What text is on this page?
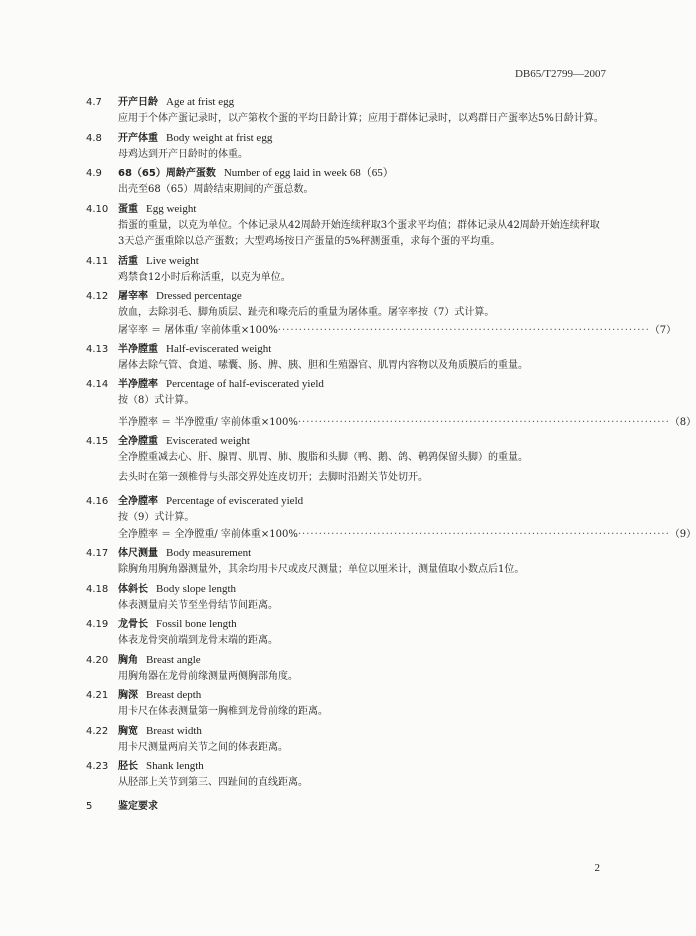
DB65/T2799—2007
4.7	开产日龄 Age at frist egg
应用于个体产蛋记录时，以产第枚个蛋的平均日龄计算；应用于群体记录时，以鸡群日产蛋率达5%日龄计算。
4.8	开产体重 Body weight at frist egg
母鸡达到开产日龄时的体重。
4.9	68（65）周龄产蛋数 Number of egg laid in week 68（65）
出壳至68（65）周龄结束期间的产蛋总数。
4.10 蛋重 Egg weight
指蛋的重量，以克为单位。个体记录从42周龄开始连续秤取3个蛋求平均值；群体记录从42周龄开始连续秤取3天总产蛋重除以总产蛋数；大型鸡场按日产蛋量的5%秤测蛋重，求每个蛋的平均重。
4.11 活重 Live weight
鸡禁食12小时后称活重，以克为单位。
4.12 屠宰率 Dressed percentage
放血，去除羽毛、脚角质层、趾壳和喙壳后的重量为屠体重。屠宰率按（7）式计算。
屠宰率 ＝ 屠体重/ 宰前体重×100% ························································································· （7）
4.13 半净膛重 Half-eviscerated weight
屠体去除气管、食道、嗉囊、肠、脾、胰、胆和生殖器官、肌胃内容物以及角质膜后的重量。
4.14 半净膛率 Percentage of half-eviscerated yield
按（8）式计算。
半净膛率 ＝ 半净膛重/ 宰前体重×100% ························································································· （8）
4.15 全净膛重 Eviscerated weight
全净膛重减去心、肝、腺胃、肌胃、肺、腹脂和头脚（鸭、鹅、鸽、鹌鹑保留头脚）的重量。
去头时在第一颈椎骨与头部交界处连皮切开；去脚时沿跗关节处切开。
4.16 全净膛率 Percentage of eviscerated yield
按（9）式计算。
全净膛率 ＝ 全净膛重/ 宰前体重×100% ························································································· （9）
4.17 体尺测量 Body measurement
除胸角用胸角器测量外，其余均用卡尺或皮尺测量；单位以厘米计，测量值取小数点后1位。
4.18 体斜长 Body slope length
体表测量肩关节至坐骨结节间距离。
4.19 龙骨长 Fossil bone length
体表龙骨突前端到龙骨末端的距离。
4.20 胸角 Breast angle
用胸角器在龙骨前缘测量两侧胸部角度。
4.21 胸深 Breast depth
用卡尺在体表测量第一胸椎到龙骨前缘的距离。
4.22 胸宽 Breast width
用卡尺测量两肩关节之间的体表距离。
4.23 胫长 Shank length
从胫部上关节到第三、四趾间的直线距离。
5	鉴定要求
2
